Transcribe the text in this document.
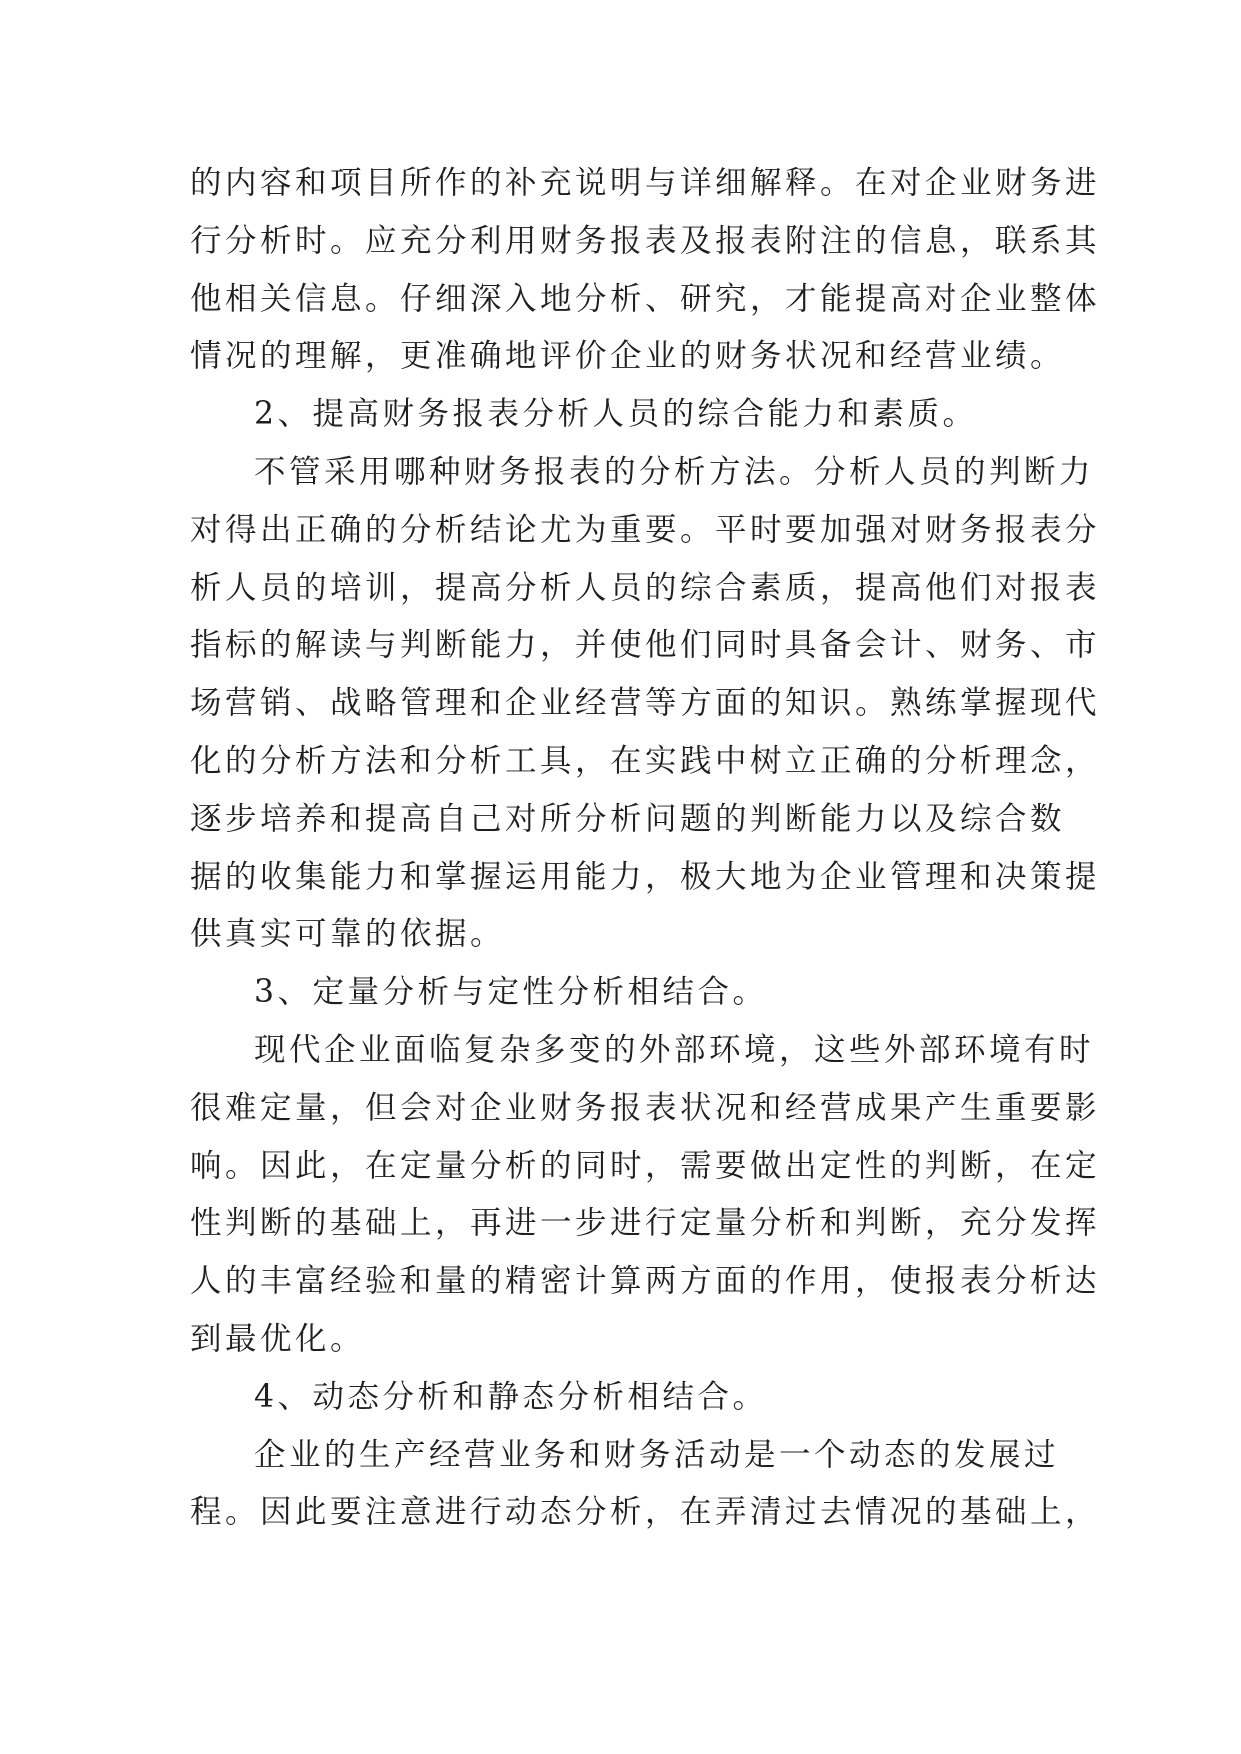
的内容和项目所作的补充说明与详细解释。在对企业财务进
行分析时。应充分利用财务报表及报表附注的信息，联系其
他相关信息。仔细深入地分析、研究，才能提高对企业整体
情况的理解，更准确地评价企业的财务状况和经营业绩。
2、提高财务报表分析人员的综合能力和素质。
不管采用哪种财务报表的分析方法。分析人员的判断力
对得出正确的分析结论尤为重要。平时要加强对财务报表分
析人员的培训，提高分析人员的综合素质，提高他们对报表
指标的解读与判断能力，并使他们同时具备会计、财务、市
场营销、战略管理和企业经营等方面的知识。熟练掌握现代
化的分析方法和分析工具，在实践中树立正确的分析理念，
逐步培养和提高自己对所分析问题的判断能力以及综合数
据的收集能力和掌握运用能力，极大地为企业管理和决策提
供真实可靠的依据。
3、定量分析与定性分析相结合。
现代企业面临复杂多变的外部环境，这些外部环境有时
很难定量，但会对企业财务报表状况和经营成果产生重要影
响。因此，在定量分析的同时，需要做出定性的判断，在定
性判断的基础上，再进一步进行定量分析和判断，充分发挥
人的丰富经验和量的精密计算两方面的作用，使报表分析达
到最优化。
4、动态分析和静态分析相结合。
企业的生产经营业务和财务活动是一个动态的发展过
程。因此要注意进行动态分析，在弄清过去情况的基础上，
